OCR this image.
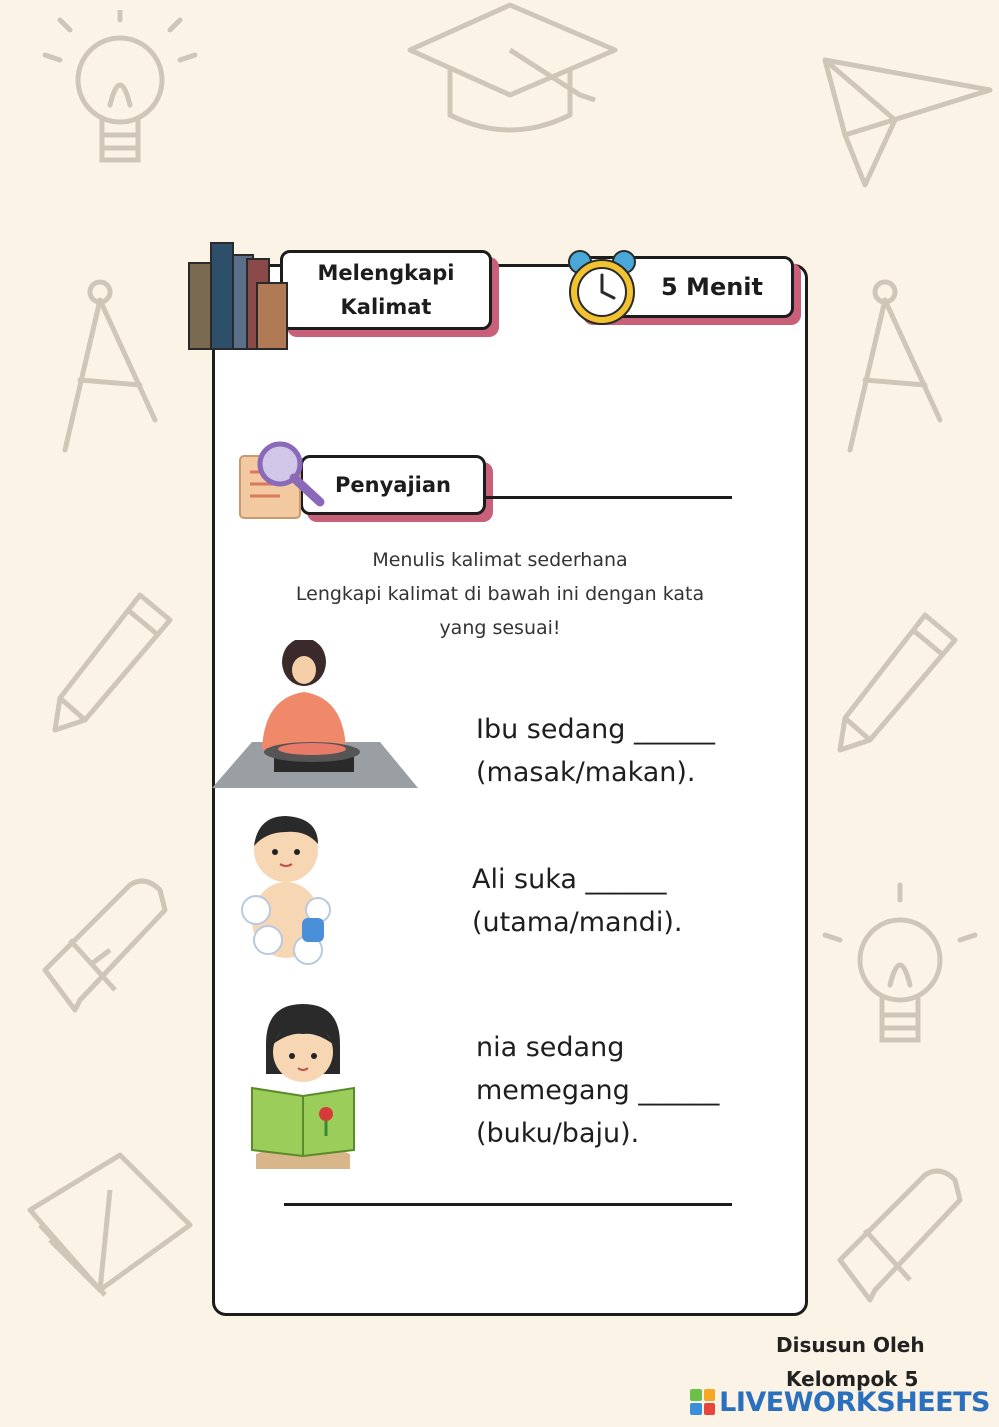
Melengkapi
Kalimat
5 Menit
Penyajian
Menulis kalimat sederhana
Lengkapi kalimat di bawah ini dengan kata
yang sesuai!
Ibu sedang ______
(masak/makan).
Ali suka ______
(utama/mandi).
nia sedang
memegang ______
(buku/baju).
Disusun Oleh
Kelompok 5
LIVEWORKSHEETS
